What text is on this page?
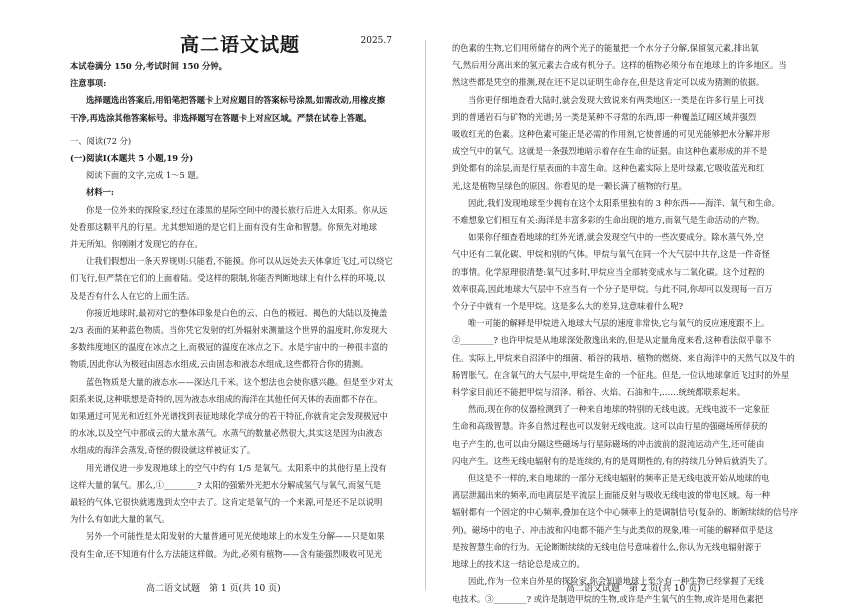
高二语文试题	2025.7
本试卷满分 150 分,考试时间 150 分钟。
注意事项:
选择题选出答案后,用铅笔把答题卡上对应题目的答案标号涂黑,如需改动,用橡皮擦
干净,再选涂其他答案标号。非选择题写在答题卡上对应区域。严禁在试卷上答题。
一、阅读(72 分)
(一)阅读Ⅰ(本题共 5 小题,19 分)
阅读下面的文字,完成 1～5 题。
材料一:
你是一位外来的探险家,经过在漆黑的星际空间中的漫长旅行后进入太阳系。你从远
处看那这颗平凡的行星。尤其想知道的是它们上面有没有生命和智慧。你预先对地球
并无所知。你刚刚才发现它的存在。
让我们假想出一条天界规则:只能看,不能摸。你可以从远处去天体拿近飞过,可以绕它
们飞行,但严禁在它们的上面着陆。受这样的限制,你能否判断地球上有什么样的环境,以
及是否有什么人在它的上面生活。
你接近地球时,最初对它的整体印象是白色的云、白色的极冠、褐色的大陆以及掩盖
2/3 表面的某种蓝色物质。当你凭它发射的红外辐射来测量这个世界的温度时,你发现大
多数纬度地区的温度在冰点之上,而极冠的温度在冰点之下。水是宇宙中的一种很丰富的
物质,因此你认为极冠由固态水组成,云由固态和液态水组成,这些都符合你的猜测。
蓝色物质是大量的液态水——深达几千米。这个想法也会使你感兴趣。但是至少对太
阳系来说,这种联想是奇特的,因为液态水组成的海洋在其他任何天体的表面都不存在。
如果通过可见光和近红外光谱找到表征地球化学成分的若干特征,你就肯定会发现极冠中
的水冰,以及空气中那成云的大量水蒸气。水蒸气的数量必然很大,其实这是因为由液态
水组成的海洋会蒸发,奇怪的假设就这样被证实了。
用光谱仪进一步发现地球上的空气中约有 1/5 是氧气。太阳系中的其他行星上没有
这样大量的氧气。那么,①________? 太阳的强紫外光把水分解成氢气与氧气,而氢气是
最轻的气体,它很快就逃逸到太空中去了。这肯定是氧气的一个来源,可是还不足以说明
为什么有如此大量的氧气。
另外一个可能性是太阳发射的大量普通可见光使地球上的水发生分解——只是如果
没有生命,还不知道有什么方法能这样做。为此,必须有植物——含有能强烈吸收可见光
高二语文试题　第 1 页(共 10 页)
的色素的生物,它们用所储存的两个光子的能量把一个水分子分解,保留氢元素,排出氧
气,然后用分离出来的氢元素去合成有机分子。这样的植物必须分布在地球上的许多地区。当
然这些都是凭空的推测,现在还不足以证明生命存在,但是这肯定可以成为猜测的依据。
当你更仔细地查看大陆时,就会发现大致说来有两类地区:一类是在许多行星上可找
到的普通岩石与矿物的光谱;另一类是某种不寻常的东西,即一种覆盖辽阔区域并强烈
吸收红光的色素。这种色素可能正是必需的作用剂,它使普通的可见光能够把水分解并形
成空气中的氧气。这就是一条强烈地暗示着存在生命的证据。由这种色素形成的并不是
到处都有的涂层,而是行星表面的丰富生命。这种色素实际上是叶绿素,它吸收蓝光和红
光,这是植物呈绿色的原因。你看见的是一颗长满了植物的行星。
因此,我们发现地球至少拥有在这个太阳系里独有的 3 种东西——海洋、氧气和生命。
不难想象它们相互有关:海洋是丰富多彩的生命出现的地方,而氧气是生命活动的产物。
如果你仔细查看地球的红外光谱,就会发现空气中的一些次要成分。除水蒸气外,空
气中还有二氧化碳、甲烷和别的气体。甲烷与氧气在同一个大气层中共存,这是一件奇怪
的事情。化学原理很清楚:氧气过多时,甲烷应当全部转变成水与二氧化碳。这个过程的
效率很高,因此地球大气层中不应当有一个分子是甲烷。与此不同,你却可以发现每一百万
个分子中就有一个是甲烷。这是多么大的差异,这意味着什么呢?
唯一可能的解释是甲烷进入地球大气层的速度非常快,它与氧气的反应速度跟不上。
②________? 也许甲烷是从地球深处散逸出来的,但是从定量角度来看,这种看法似乎靠不
住。实际上,甲烷来自沼泽中的细菌、稻谷的栽培、植物的燃烧、来自海洋中的天然气以及牛的
肠胃胀气。在含氧气的大气层中,甲烷是生命的一个征兆。但是,一位认地球拿近飞过时的外星
科学家目前还不能把甲烷与沼泽、稻谷、火焰、石油和牛,……统统都联系起来。
然而,现在你的仪器检测到了一种来自地球的特别的无线电波。无线电波不一定象征
生命和高级智慧。许多自然过程也可以发射无线电波。这可以由行星的强磁场所俘获的
电子产生的,也可以由分隔这些磁场与行星际磁场的冲击波前的混沌运动产生,还可能由
闪电产生。这些无线电辐射有的是连续的,有的是周期性的,有的持续几分钟后就消失了。
但这是不一样的,来自地球的一部分无线电辐射的频率正是无线电波开始从地球的电
离层泄漏出来的频率,而电离层是平流层上面能反射与吸收无线电波的带电区域。每一种
辐射都有一个固定的中心频率,叠加在这个中心频率上的是调制信号(复杂的、断断续续的信号序
列)。磁场中的电子、冲击波和闪电都不能产生与此类似的现象,唯一可能的解释似乎是这
是按智慧生命的行为。无论断断续续的无线电信号意味着什么,你认为无线电辐射源于
地球上的技术这一结论总是成立的。
因此,作为一位来自外星的探险家,你会知道地球上至少有一种生物已经掌握了无线
电技术。③________? 或许是制造甲烷的生物,或许是产生氧气的生物,或许是用色素把
高二语文试题　第 2 页(共 10 页)
